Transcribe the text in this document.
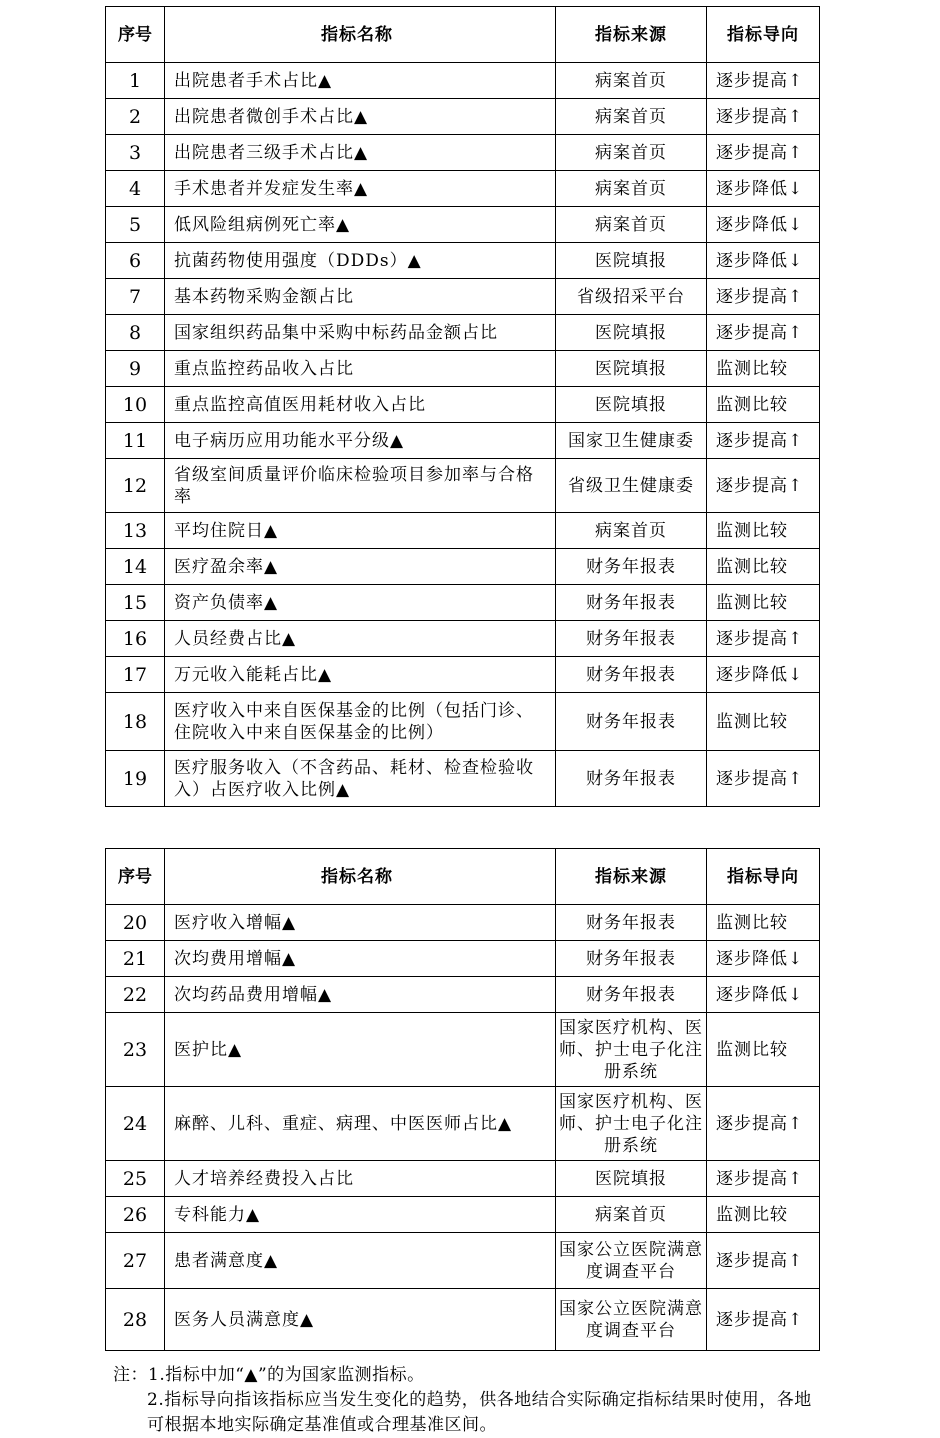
序号	指标名称	指标来源	指标导向
1	出院患者手术占比▲	病案首页	逐步提高↑
2	出院患者微创手术占比▲	病案首页	逐步提高↑
3	出院患者三级手术占比▲	病案首页	逐步提高↑
4	手术患者并发症发生率▲	病案首页	逐步降低↓
5	低风险组病例死亡率▲	病案首页	逐步降低↓
6	抗菌药物使用强度（DDDs）▲	医院填报	逐步降低↓
7	基本药物采购金额占比	省级招采平台	逐步提高↑
8	国家组织药品集中采购中标药品金额占比	医院填报	逐步提高↑
9	重点监控药品收入占比	医院填报	监测比较
10	重点监控高值医用耗材收入占比	医院填报	监测比较
11	电子病历应用功能水平分级▲	国家卫生健康委	逐步提高↑
12	省级室间质量评价临床检验项目参加率与合格率	省级卫生健康委	逐步提高↑
13	平均住院日▲	病案首页	监测比较
14	医疗盈余率▲	财务年报表	监测比较
15	资产负债率▲	财务年报表	监测比较
16	人员经费占比▲	财务年报表	逐步提高↑
17	万元收入能耗占比▲	财务年报表	逐步降低↓
18	医疗收入中来自医保基金的比例（包括门诊、住院收入中来自医保基金的比例）	财务年报表	监测比较
19	医疗服务收入（不含药品、耗材、检查检验收入）占医疗收入比例▲	财务年报表	逐步提高↑
序号	指标名称	指标来源	指标导向
20	医疗收入增幅▲	财务年报表	监测比较
21	次均费用增幅▲	财务年报表	逐步降低↓
22	次均药品费用增幅▲	财务年报表	逐步降低↓
23	医护比▲	国家医疗机构、医师、护士电子化注册系统	监测比较
24	麻醉、儿科、重症、病理、中医医师占比▲	国家医疗机构、医师、护士电子化注册系统	逐步提高↑
25	人才培养经费投入占比	医院填报	逐步提高↑
26	专科能力▲	病案首页	监测比较
27	患者满意度▲	国家公立医院满意度调查平台	逐步提高↑
28	医务人员满意度▲	国家公立医院满意度调查平台	逐步提高↑

注：1.指标中加“▲”的为国家监测指标。

2.指标导向指该指标应当发生变化的趋势，供各地结合实际确定指标结果时使用，各地可根据本地实际确定基准值或合理基准区间。
